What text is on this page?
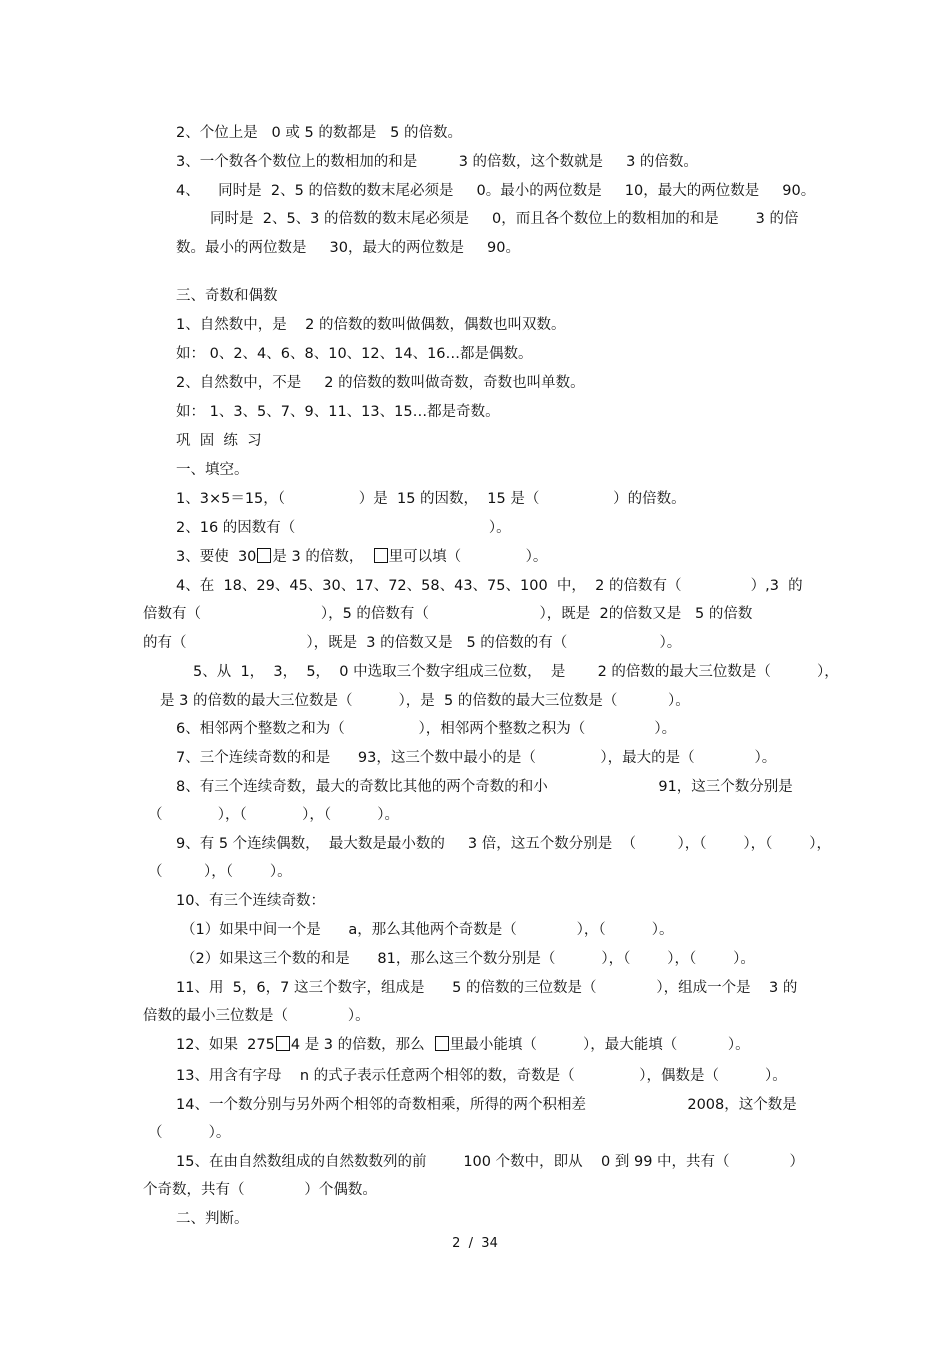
2、个位上是   0 或 5 的数都是   5 的倍数。
3、一个数各个数位上的数相加的和是         3 的倍数，这个数就是     3 的倍数。
4、    同时是  2、5 的倍数的数末尾必须是     0。最小的两位数是     10，最大的两位数是     90。
同时是  2、5、3 的倍数的数末尾必须是     0，而且各个数位上的数相加的和是        3 的倍
数。最小的两位数是     30，最大的两位数是     90。
三、奇数和偶数
1、自然数中，是    2 的倍数的数叫做偶数，偶数也叫双数。
如： 0、2、4、6、8、10、12、14、16…都是偶数。
2、自然数中，不是     2 的倍数的数叫做奇数，奇数也叫单数。
如： 1、3、5、7、9、11、13、15…都是奇数。
巩  固  练  习
一、填空。
1、3×5＝15，（                ）是  15 的因数，  15 是（                ）的倍数。
2、16 的因数有（                                          ）。
3、要使  30 是 3 的倍数，  里可以填（              ）。
4、在  18、29、45、30、17、72、58、43、75、100  中，  2 的倍数有（               ）,3  的
倍数有（                          ），5 的倍数有（                        ），既是  2的倍数又是   5 的倍数
的有（                          ），既是  3 的倍数又是   5 的倍数的有（                    ）。
5、从  1，  3，  5，  0 中选取三个数字组成三位数，  是       2 的倍数的最大三位数是（          ），
是 3 的倍数的最大三位数是（          ），是  5 的倍数的最大三位数是（           ）。
6、相邻两个整数之和为（                ），相邻两个整数之积为（               ）。
7、三个连续奇数的和是      93，这三个数中最小的是（              ），最大的是（             ）。
8、有三个连续奇数，最大的奇数比其他的两个奇数的和小                        91，这三个数分别是
（            ），（            ），（          ）。
9、有 5 个连续偶数，  最大数是最小数的     3 倍，这五个数分别是  （         ），（        ），（        ），
（         ），（        ）。
10、有三个连续奇数：
（1）如果中间一个是      a，那么其他两个奇数是（             ），（          ）。
（2）如果这三个数的和是      81，那么这三个数分别是（          ），（        ），（        ）。
11、用  5，6，7 这三个数字，组成是      5 的倍数的三位数是（             ），组成一个是    3 的
倍数的最小三位数是（             ）。
12、如果  275 4 是 3 的倍数，那么  里最小能填（          ），最大能填（           ）。
13、用含有字母    n 的式子表示任意两个相邻的数，奇数是（              ），偶数是（          ）。
14、一个数分别与另外两个相邻的奇数相乘，所得的两个积相差                      2008，这个数是
（          ）。
15、在由自然数组成的自然数数列的前        100 个数中，即从    0 到 99 中，共有（             ）
个奇数，共有（             ）个偶数。
二、判断。
2  /  34
